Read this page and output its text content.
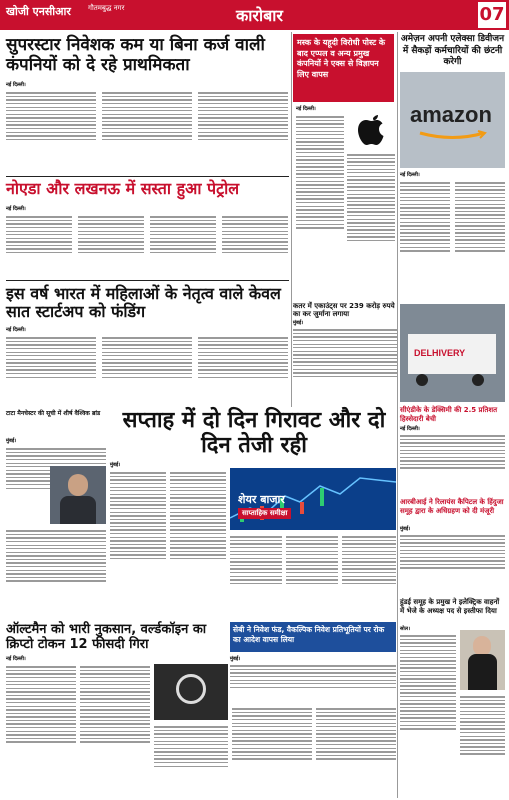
खोजी एनसीआर गौतमबुद्ध नगर	कारोबार	07
सुपरस्टार निवेशक कम या बिना कर्ज वाली कंपनियों को दे रहे प्राथमिकता
नई दिल्ली।
नोएडा और लखनऊ में सस्ता हुआ पेट्रोल
नई दिल्ली।
मस्क के यहूदी विरोधी पोस्ट के बाद एप्पल व अन्य प्रमुख कंपनियों ने एक्स से विज्ञापन लिए वापस
नई दिल्ली।
अमेज़न अपनी एलेक्सा डिवीजन में सैकड़ों कर्मचारियों की छंटनी करेगी
amazon
नई दिल्ली।
इस वर्ष भारत में महिलाओं के नेतृत्व वाले केवल सात स्टार्टअप को फंडिंग
नई दिल्ली।
कतर में एकाउंट्स पर 239 करोड़ रुपये का कर जुर्माना लगाया
मुंबई।
DELHIVERY
सीएंडीके के डेक्सिमी की 2.5 प्रतिशत हिस्सेदारी बेची
नई दिल्ली।
टाटा मैनचेस्टर की सूची में शीर्ष वैश्विक ब्रांड
मुंबई।
सप्ताह में दो दिन गिरावट और दो दिन तेजी रही
मुंबई।
शेयर बाजार
साप्ताहिक समीक्षा
आरबीआई ने रिलायंस कैपिटल के हिंदुजा समूह द्वारा के अधिग्रहण को दी मंजूरी
मुंबई।
हुंडई समूह के प्रमुख ने इलेक्ट्रिक वाहनों में भेजे के अध्यक्ष पद से इस्तीफा दिया
सोल।
सेबी ने निवेश फंड, वैकल्पिक निवेश प्रतिभूतियों पर रोक का आदेश वापस लिया
मुंबई।
ऑल्टमैन को भारी नुकसान, वर्ल्डकॉइन का क्रिप्टो टोकन 12 फीसदी गिरा
नई दिल्ली।
